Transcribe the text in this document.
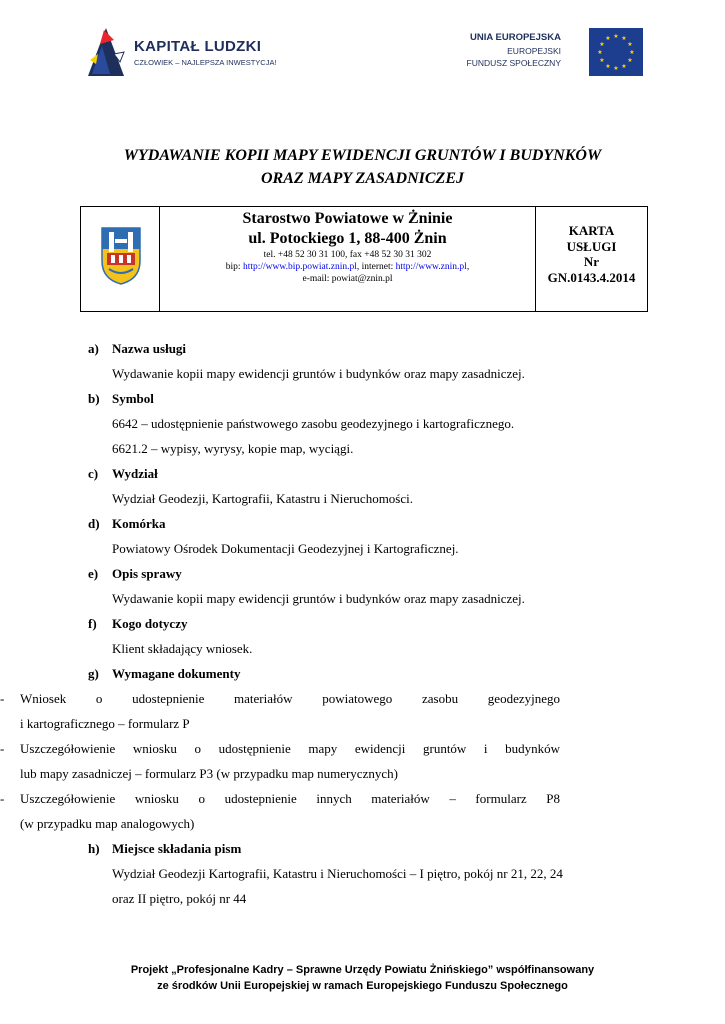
KAPITAŁ LUDZKI
CZŁOWIEK – NAJLEPSZA INWESTYCJA!
UNIA EUROPEJSKA
EUROPEJSKI
FUNDUSZ SPOŁECZNY
★ ★
★
★
★
★
★
★
★
★
★
★
WYDAWANIE KOPII MAPY EWIDENCJI GRUNTÓW I BUDYNKÓW
ORAZ MAPY ZASADNICZEJ
Starostwo Powiatowe w Żninie
ul. Potockiego 1, 88-400 Żnin
tel. +48 52 30 31 100, fax +48 52 30 31 302
bip: http://www.bip.powiat.znin.pl, internet: http://www.znin.pl,
e-mail: powiat@znin.pl
KARTA
USŁUGI
Nr
GN.0143.4.2014
a) Nazwa usługi
Wydawanie kopii mapy ewidencji gruntów i budynków oraz mapy zasadniczej.
b) Symbol
6642 – udostępnienie państwowego zasobu geodezyjnego i kartograficznego.
6621.2 – wypisy, wyrysy, kopie map, wyciągi.
c) Wydział
Wydział Geodezji, Kartografii, Katastru i Nieruchomości.
d) Komórka
Powiatowy Ośrodek Dokumentacji Geodezyjnej i Kartograficznej.
e) Opis sprawy
Wydawanie kopii mapy ewidencji gruntów i budynków oraz mapy zasadniczej.
f) Kogo dotyczy
Klient składający wniosek.
g) Wymagane dokumenty
- Wniosek o udostepnienie materiałów powiatowego zasobu geodezyjnego
i kartograficznego – formularz P
- Uszczegółowienie wniosku o udostępnienie mapy ewidencji gruntów i budynków
lub mapy zasadniczej – formularz P3 (w przypadku map numerycznych)
- Uszczegółowienie wniosku o udostepnienie innych materiałów – formularz P8
(w przypadku map analogowych)
h) Miejsce składania pism
Wydział Geodezji Kartografii, Katastru i Nieruchomości – I piętro, pokój nr 21, 22, 24
oraz II piętro, pokój nr 44
Projekt „Profesjonalne Kadry – Sprawne Urzędy Powiatu Żnińskiego” współfinansowany
ze środków Unii Europejskiej w ramach Europejskiego Funduszu Społecznego
